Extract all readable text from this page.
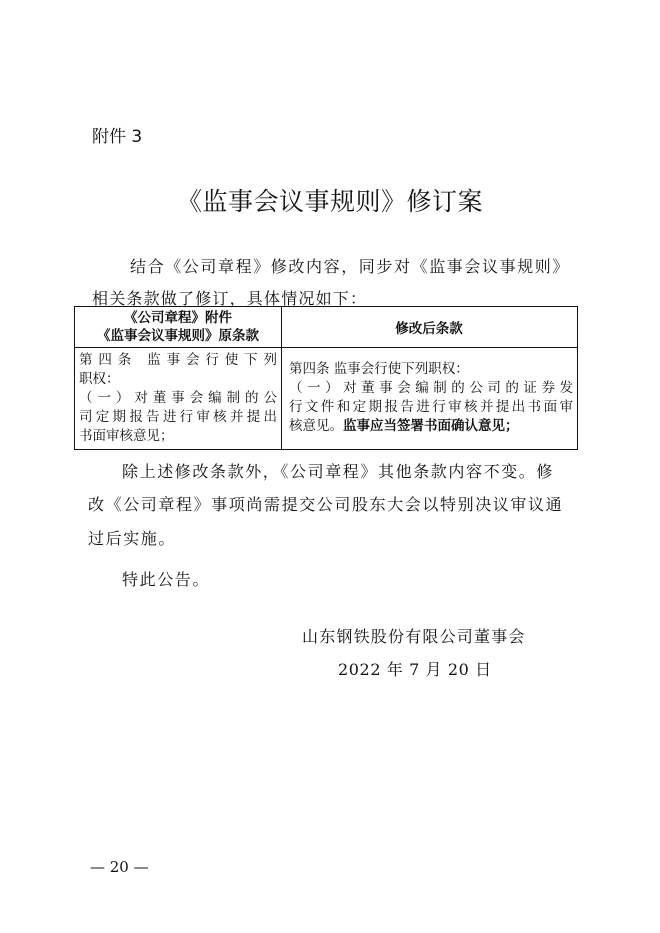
附件 3
《监事会议事规则》修订案
结合《公司章程》修改内容，同步对《监事会议事规则》
相关条款做了修订，具体情况如下：
《公司章程》附件
《监事会议事规则》原条款	修改后条款
第四条 监事会行使下列
职权：
（一）对董事会编制的公
司定期报告进行审核并提出
书面审核意见；
第四条 监事会行使下列职权：
（一）对董事会编制的公司的证券发
行文件和定期报告进行审核并提出书面审
核意见。监事应当签署书面确认意见；
除上述修改条款外，《公司章程》其他条款内容不变。修
改《公司章程》事项尚需提交公司股东大会以特别决议审议通
过后实施。
特此公告。
山东钢铁股份有限公司董事会
2022 年 7 月 20 日
— 20 —
